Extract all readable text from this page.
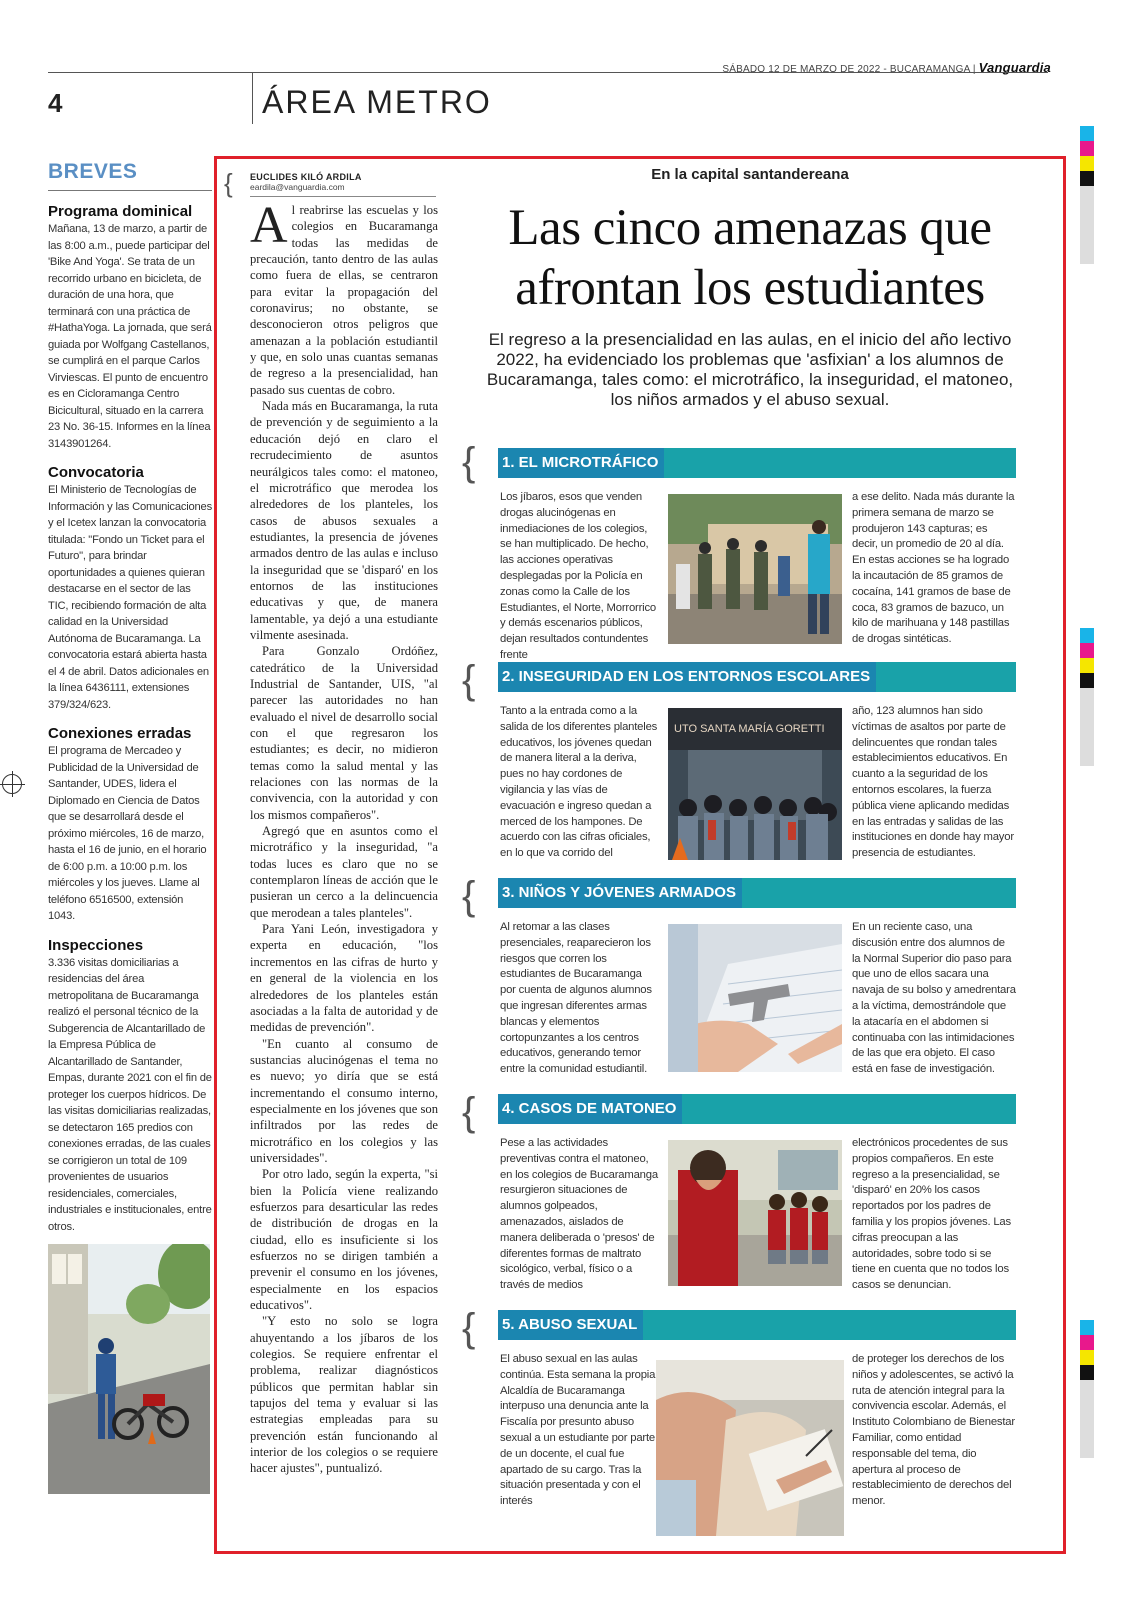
SÁBADO 12 DE MARZO DE 2022 - BUCARAMANGA | Vanguardia
4	ÁREA METRO
BREVES
Programa dominical

Mañana, 13 de marzo, a partir de las 8:00 a.m., puede participar del 'Bike And Yoga'. Se trata de un recorrido urbano en bicicleta, de duración de una hora, que terminará con una práctica de #HathaYoga. La jornada, que será guiada por Wolfgang Castellanos, se cumplirá en el parque Carlos Virviescas. El punto de encuentro es en Cicloramanga Centro Bicicultural, situado en la carrera 23 No. 36-15. Informes en la línea 3143901264.

Convocatoria

El Ministerio de Tecnologías de Información y las Comunicaciones y el Icetex lanzan la convocatoria titulada: "Fondo un Ticket para el Futuro", para brindar oportunidades a quienes quieran destacarse en el sector de las TIC, recibiendo formación de alta calidad en la Universidad Autónoma de Bucaramanga. La convocatoria estará abierta hasta el 4 de abril. Datos adicionales en la línea 6436111, extensiones 379/324/623.

Conexiones erradas

El programa de Mercadeo y Publicidad de la Universidad de Santander, UDES, lidera el Diplomado en Ciencia de Datos que se desarrollará desde el próximo miércoles, 16 de marzo, hasta el 16 de junio, en el horario de 6:00 p.m. a 10:00 p.m. los miércoles y los jueves. Llame al teléfono 6516500, extensión 1043.

Inspecciones

3.336 visitas domiciliarias a residencias del área metropolitana de Bucaramanga realizó el personal técnico de la Subgerencia de Alcantarillado de la Empresa Pública de Alcantarillado de Santander, Empas, durante 2021 con el fin de proteger los cuerpos hídricos. De las visitas domiciliarias realizadas, se detectaron 165 predios con conexiones erradas, de las cuales se corrigieron un total de 109 provenientes de usuarios residenciales, comerciales, industriales e institucionales, entre otros.

{ EUCLIDES KILÓ ARDILA
eardila@vanguardia.com

Al reabrirse las escuelas y los colegios en Bucaramanga todas las medidas de precaución, tanto dentro de las aulas como fuera de ellas, se centraron para evitar la propagación del coronavirus; no obstante, se desconocieron otros peligros que amenazan a la población estudiantil y que, en solo unas cuantas semanas de regreso a la presencialidad, han pasado sus cuentas de cobro.

Nada más en Bucaramanga, la ruta de prevención y de seguimiento a la educación dejó en claro el recrudecimiento de asuntos neurálgicos tales como: el matoneo, el microtráfico que merodea los alrededores de los planteles, los casos de abusos sexuales a estudiantes, la presencia de jóvenes armados dentro de las aulas e incluso la inseguridad que se 'disparó' en los entornos de las instituciones educativas y que, de manera lamentable, ya dejó a una estudiante vilmente asesinada.

Para Gonzalo Ordóñez, catedrático de la Universidad Industrial de Santander, UIS, "al parecer las autoridades no han evaluado el nivel de desarrollo social con el que regresaron los estudiantes; es decir, no midieron temas como la salud mental y las relaciones con las normas de la convivencia, con la autoridad y con los mismos compañeros".

Agregó que en asuntos como el microtráfico y la inseguridad, "a todas luces es claro que no se contemplaron líneas de acción que le pusieran un cerco a la delincuencia que merodean a tales planteles".

Para Yani León, investigadora y experta en educación, "los incrementos en las cifras de hurto y en general de la violencia en los alrededores de los planteles están asociadas a la falta de autoridad y de medidas de prevención".

"En cuanto al consumo de sustancias alucinógenas el tema no es nuevo; yo diría que se está incrementando el consumo interno, especialmente en los jóvenes que son infiltrados por las redes de microtráfico en los colegios y las universidades".

Por otro lado, según la experta, "si bien la Policía viene realizando esfuerzos para desarticular las redes de distribución de drogas en la ciudad, ello es insuficiente si los esfuerzos no se dirigen también a prevenir el consumo en los jóvenes, especialmente en los espacios educativos".

"Y esto no solo se logra ahuyentando a los jíbaros de los colegios. Se requiere enfrentar el problema, realizar diagnósticos públicos que permitan hablar sin tapujos del tema y evaluar si las estrategias empleadas para su prevención están funcionando al interior de los colegios o se requiere hacer ajustes", puntualizó.

En la capital santandereana
Las cinco amenazas que afrontan los estudiantes
El regreso a la presencialidad en las aulas, en el inicio del año lectivo 2022, ha evidenciado los problemas que 'asfixian' a los alumnos de Bucaramanga, tales como: el microtráfico, la inseguridad, el matoneo, los niños armados y el abuso sexual.
{ 1. EL MICROTRÁFICO
Los jíbaros, esos que venden drogas alucinógenas en inmediaciones de los colegios, se han multiplicado. De hecho, las acciones operativas desplegadas por la Policía en zonas como la Calle de los Estudiantes, el Norte, Morrorrico y demás escenarios públicos, dejan resultados contundentes frente
a ese delito. Nada más durante la primera semana de marzo se produjeron 143 capturas; es decir, un promedio de 20 al día. En estas acciones se ha logrado la incautación de 85 gramos de cocaína, 141 gramos de base de coca, 83 gramos de bazuco, un kilo de marihuana y 148 pastillas de drogas sintéticas.
{ 2. INSEGURIDAD EN LOS ENTORNOS ESCOLARES
Tanto a la entrada como a la salida de los diferentes planteles educativos, los jóvenes quedan de manera literal a la deriva, pues no hay cordones de vigilancia y las vías de evacuación e ingreso quedan a merced de los hampones. De acuerdo con las cifras oficiales, en lo que va corrido del
UTO SANTA MARÍA GORETTI
año, 123 alumnos han sido víctimas de asaltos por parte de delincuentes que rondan tales establecimientos educativos. En cuanto a la seguridad de los entornos escolares, la fuerza pública viene aplicando medidas en las entradas y salidas de las instituciones en donde hay mayor presencia de estudiantes.
{ 3. NIÑOS Y JÓVENES ARMADOS
Al retomar a las clases presenciales, reaparecieron los riesgos que corren los estudiantes de Bucaramanga por cuenta de algunos alumnos que ingresan diferentes armas blancas y elementos cortopunzantes a los centros educativos, generando temor entre la comunidad estudiantil.
En un reciente caso, una discusión entre dos alumnos de la Normal Superior dio paso para que uno de ellos sacara una navaja de su bolso y amedrentara a la víctima, demostrándole que la atacaría en el abdomen si continuaba con las intimidaciones de las que era objeto. El caso está en fase de investigación.
{ 4. CASOS DE MATONEO
Pese a las actividades preventivas contra el matoneo, en los colegios de Bucaramanga resurgieron situaciones de alumnos golpeados, amenazados, aislados de manera deliberada o 'presos' de diferentes formas de maltrato sicológico, verbal, físico o a través de medios
electrónicos procedentes de sus propios compañeros. En este regreso a la presencialidad, se 'disparó' en 20% los casos reportados por los padres de familia y los propios jóvenes. Las cifras preocupan a las autoridades, sobre todo si se tiene en cuenta que no todos los casos se denuncian.
{ 5. ABUSO SEXUAL
El abuso sexual en las aulas continúa. Esta semana la propia Alcaldía de Bucaramanga interpuso una denuncia ante la Fiscalía por presunto abuso sexual a un estudiante por parte de un docente, el cual fue apartado de su cargo. Tras la situación presentada y con el interés
de proteger los derechos de los niños y adolescentes, se activó la ruta de atención integral para la convivencia escolar. Además, el Instituto Colombiano de Bienestar Familiar, como entidad responsable del tema, dio apertura al proceso de restablecimiento de derechos del menor.
